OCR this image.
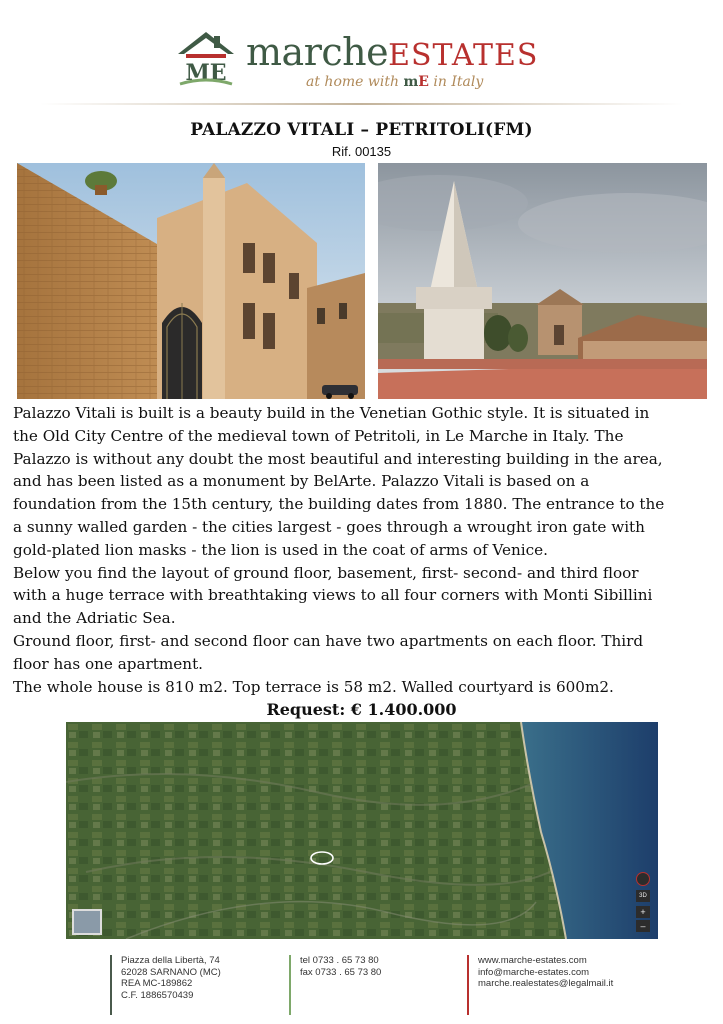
ME marcheESTATES
at home with mE in Italy
PALAZZO VITALI – PETRITOLI(FM)
Rif. 00135

Palazzo Vitali is built is a beauty build in the Venetian Gothic style. It is situated in

the Old City Centre of the medieval town of Petritoli, in Le Marche in Italy. The

Palazzo is without any doubt the most beautiful and interesting building in the area,

and has been listed as a monument by BelArte. Palazzo Vitali is based on a

foundation from the 15th century, the building dates from 1880. The entrance to the

a sunny walled garden - the cities largest - goes through a wrought iron gate with

gold-plated lion masks - the lion is used in the coat of arms of Venice.

Below you find the layout of ground floor, basement, first- second- and third floor

with a huge terrace with breathtaking views to all four corners with Monti Sibillini

and the Adriatic Sea.

Ground floor, first- and second floor can have two apartments on each floor. Third

floor has one apartment.

The whole house is 810 m2. Top terrace is 58 m2. Walled courtyard is 600m2.

Request: € 1.400.000
3D
+
–
Piazza della Libertà, 74
62028 SARNANO (MC)
REA MC-189862
C.F. 1886570439
tel 0733 . 65 73 80
fax 0733 . 65 73 80
www.marche-estates.com
info@marche-estates.com
marche.realestates@legalmail.it
